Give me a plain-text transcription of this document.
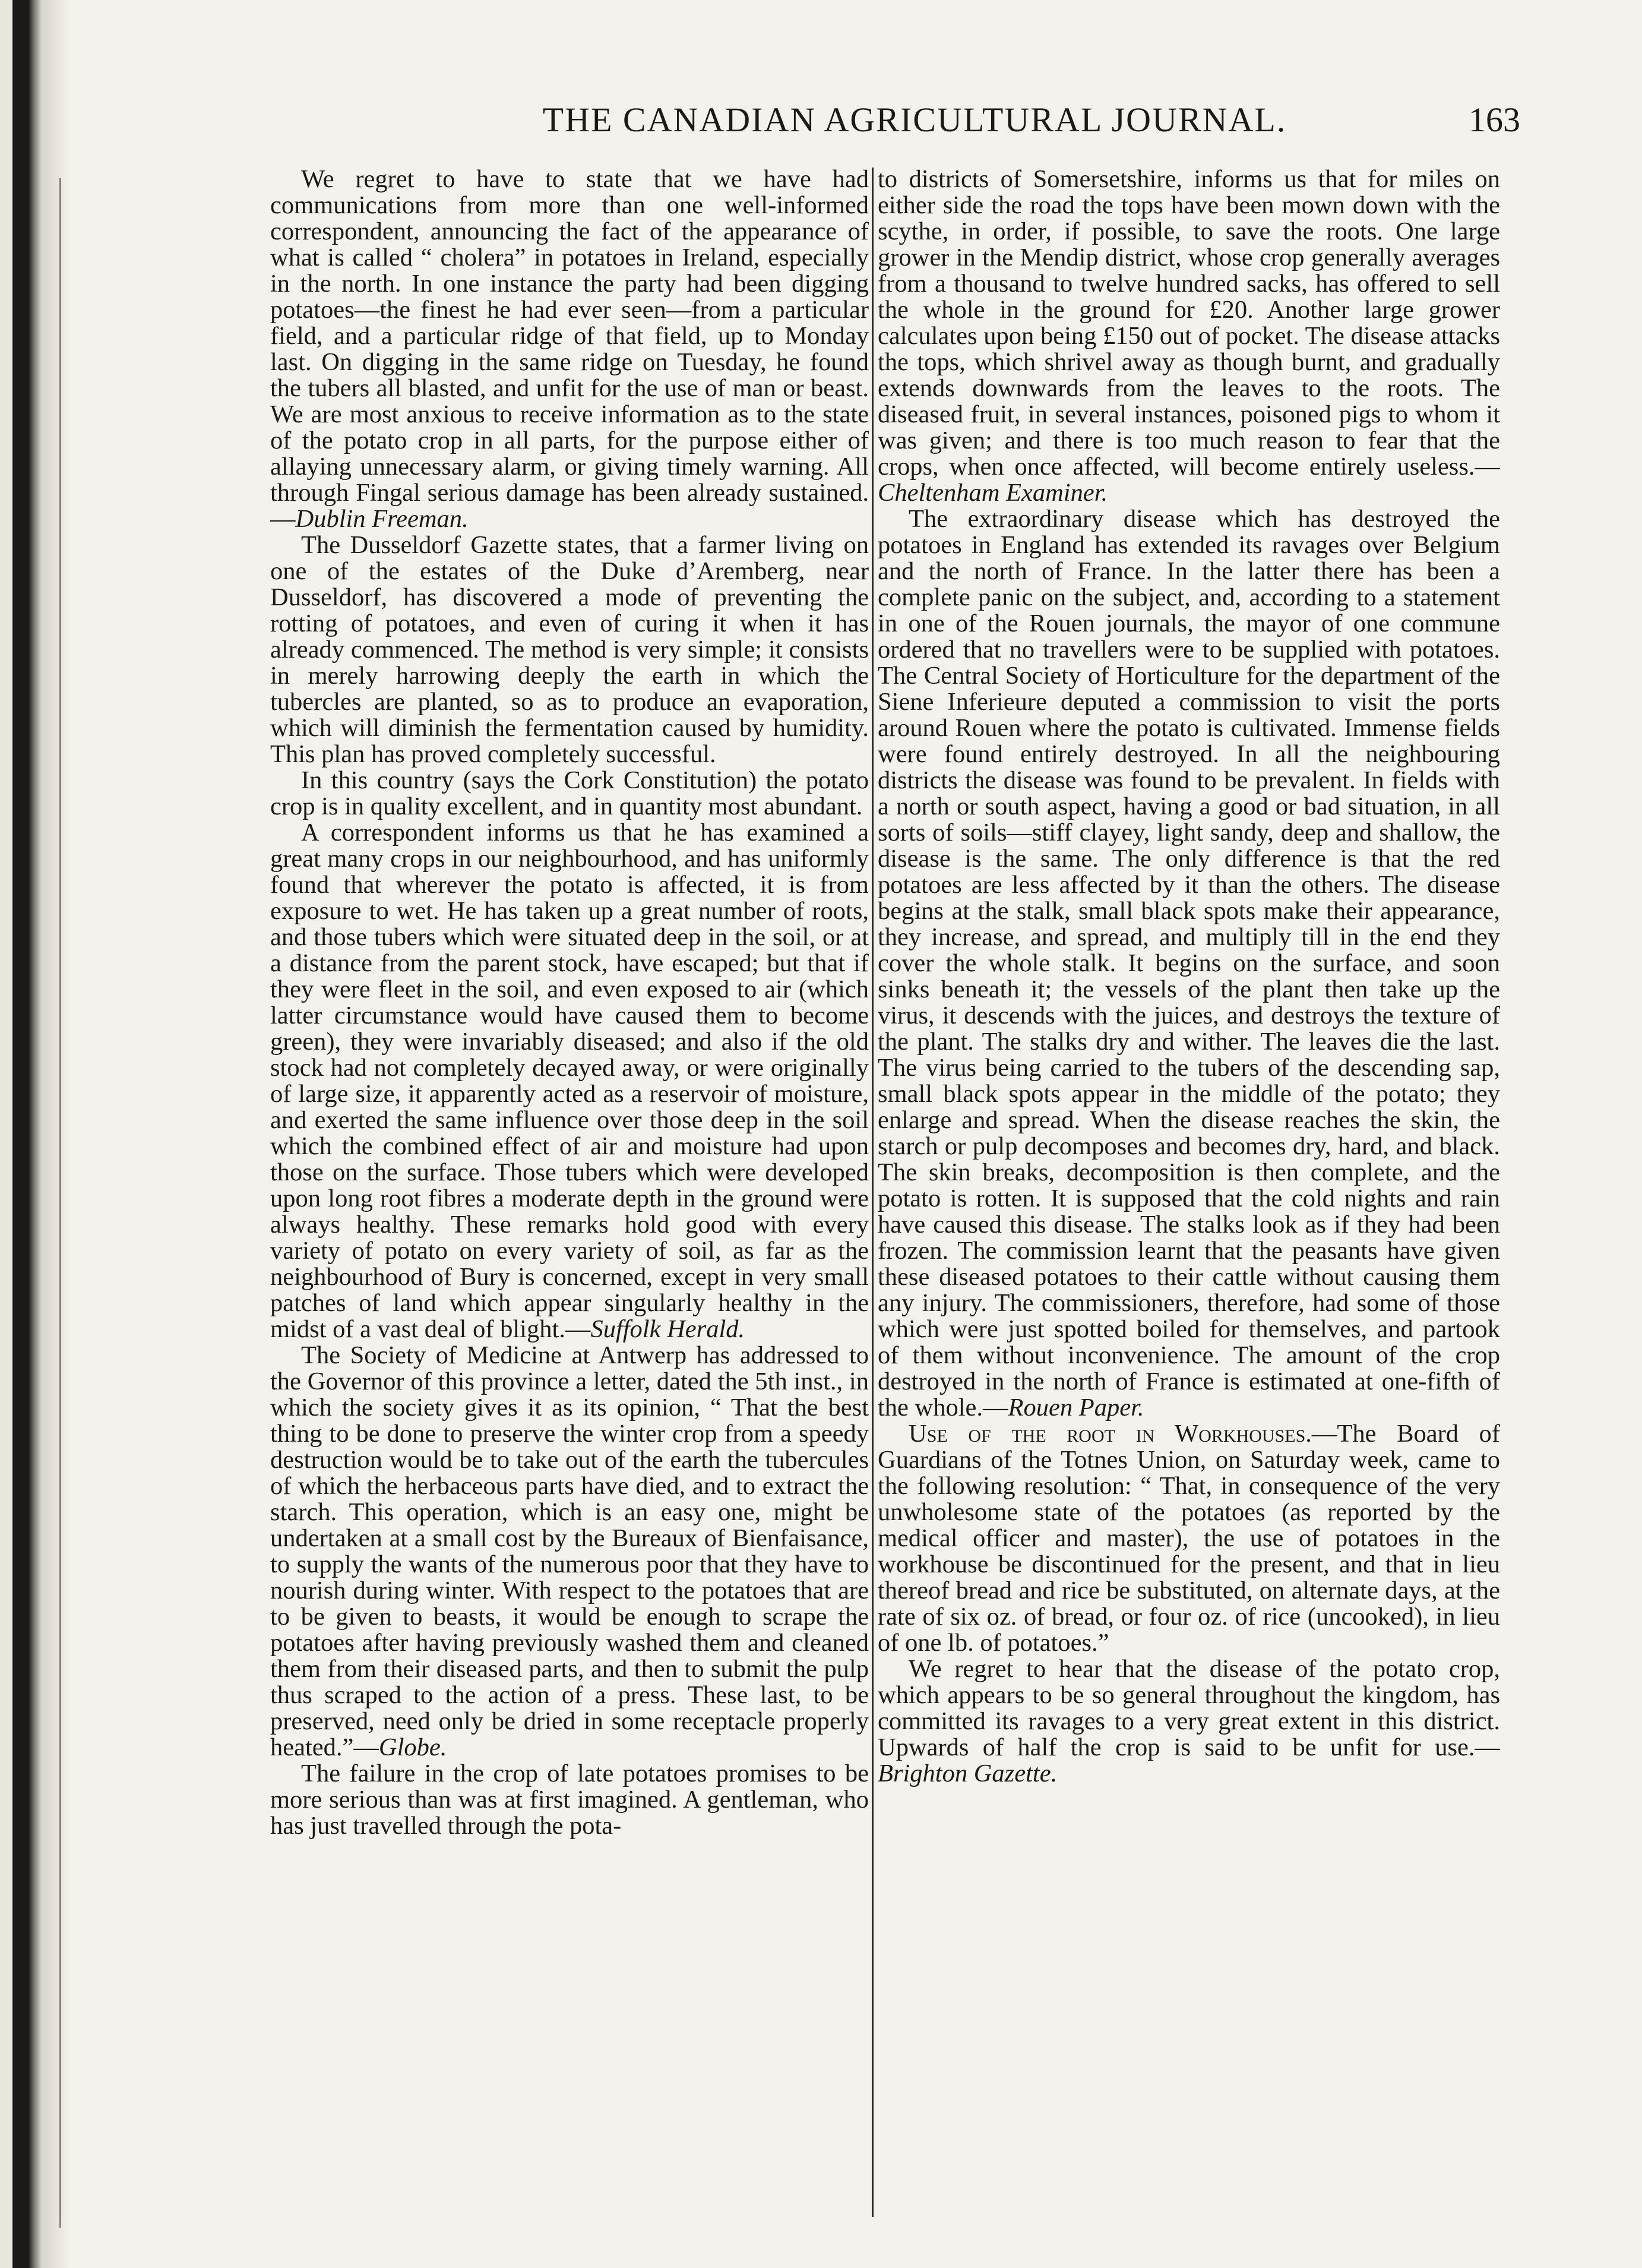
THE CANADIAN AGRICULTURAL JOURNAL.	163

We regret to have to state that we have had communications from more than one well-informed correspondent, announcing the fact of the appearance of what is called “ cholera” in potatoes in Ireland, especially in the north. In one instance the party had been digging potatoes—the finest he had ever seen—from a particular field, and a particular ridge of that field, up to Monday last. On digging in the same ridge on Tuesday, he found the tubers all blasted, and unfit for the use of man or beast. We are most anxious to receive information as to the state of the potato crop in all parts, for the purpose either of allaying unnecessary alarm, or giving timely warning. All through Fingal serious damage has been already sustained.—Dublin Freeman.

The Dusseldorf Gazette states, that a farmer living on one of the estates of the Duke d’Aremberg, near Dusseldorf, has discovered a mode of preventing the rotting of potatoes, and even of curing it when it has already commenced. The method is very simple; it consists in merely harrowing deeply the earth in which the tubercles are planted, so as to produce an evaporation, which will diminish the fermentation caused by humidity. This plan has proved completely successful.

In this country (says the Cork Constitution) the potato crop is in quality excellent, and in quantity most abundant.

A correspondent informs us that he has examined a great many crops in our neighbourhood, and has uniformly found that wherever the potato is affected, it is from exposure to wet. He has taken up a great number of roots, and those tubers which were situated deep in the soil, or at a distance from the parent stock, have escaped; but that if they were fleet in the soil, and even exposed to air (which latter circumstance would have caused them to become green), they were invariably diseased; and also if the old stock had not completely decayed away, or were originally of large size, it apparently acted as a reservoir of moisture, and exerted the same influence over those deep in the soil which the combined effect of air and moisture had upon those on the surface. Those tubers which were developed upon long root fibres a moderate depth in the ground were always healthy. These remarks hold good with every variety of potato on every variety of soil, as far as the neighbourhood of Bury is concerned, except in very small patches of land which appear singularly healthy in the midst of a vast deal of blight.—Suffolk Herald.

The Society of Medicine at Antwerp has addressed to the Governor of this province a letter, dated the 5th inst., in which the society gives it as its opinion, “ That the best thing to be done to preserve the winter crop from a speedy destruction would be to take out of the earth the tubercules of which the herbaceous parts have died, and to extract the starch. This operation, which is an easy one, might be undertaken at a small cost by the Bureaux of Bienfaisance, to supply the wants of the numerous poor that they have to nourish during winter. With respect to the potatoes that are to be given to beasts, it would be enough to scrape the potatoes after having previously washed them and cleaned them from their diseased parts, and then to submit the pulp thus scraped to the action of a press. These last, to be preserved, need only be dried in some receptacle properly heated.”—Globe.

The failure in the crop of late potatoes promises to be more serious than was at first imagined. A gentleman, who has just travelled through the pota-

to districts of Somersetshire, informs us that for miles on either side the road the tops have been mown down with the scythe, in order, if possible, to save the roots. One large grower in the Mendip district, whose crop generally averages from a thousand to twelve hundred sacks, has offered to sell the whole in the ground for £20. Another large grower calculates upon being £150 out of pocket. The disease attacks the tops, which shrivel away as though burnt, and gradually extends downwards from the leaves to the roots. The diseased fruit, in several instances, poisoned pigs to whom it was given; and there is too much reason to fear that the crops, when once affected, will become entirely useless.—Cheltenham Examiner.

The extraordinary disease which has destroyed the potatoes in England has extended its ravages over Belgium and the north of France. In the latter there has been a complete panic on the subject, and, according to a statement in one of the Rouen journals, the mayor of one commune ordered that no travellers were to be supplied with potatoes. The Central Society of Horticulture for the department of the Siene Inferieure deputed a commission to visit the ports around Rouen where the potato is cultivated. Immense fields were found entirely destroyed. In all the neighbouring districts the disease was found to be prevalent. In fields with a north or south aspect, having a good or bad situation, in all sorts of soils—stiff clayey, light sandy, deep and shallow, the disease is the same. The only difference is that the red potatoes are less affected by it than the others. The disease begins at the stalk, small black spots make their appearance, they increase, and spread, and multiply till in the end they cover the whole stalk. It begins on the surface, and soon sinks beneath it; the vessels of the plant then take up the virus, it descends with the juices, and destroys the texture of the plant. The stalks dry and wither. The leaves die the last. The virus being carried to the tubers of the descending sap, small black spots appear in the middle of the potato; they enlarge and spread. When the disease reaches the skin, the starch or pulp decomposes and becomes dry, hard, and black. The skin breaks, decomposition is then complete, and the potato is rotten. It is supposed that the cold nights and rain have caused this disease. The stalks look as if they had been frozen. The commission learnt that the peasants have given these diseased potatoes to their cattle without causing them any injury. The commissioners, therefore, had some of those which were just spotted boiled for themselves, and partook of them without inconvenience. The amount of the crop destroyed in the north of France is estimated at one-fifth of the whole.—Rouen Paper.

Use of the root in Workhouses.—The Board of Guardians of the Totnes Union, on Saturday week, came to the following resolution: “ That, in consequence of the very unwholesome state of the potatoes (as reported by the medical officer and master), the use of potatoes in the workhouse be discontinued for the present, and that in lieu thereof bread and rice be substituted, on alternate days, at the rate of six oz. of bread, or four oz. of rice (uncooked), in lieu of one lb. of potatoes.”

We regret to hear that the disease of the potato crop, which appears to be so general throughout the kingdom, has committed its ravages to a very great extent in this district. Upwards of half the crop is said to be unfit for use.—Brighton Gazette.
